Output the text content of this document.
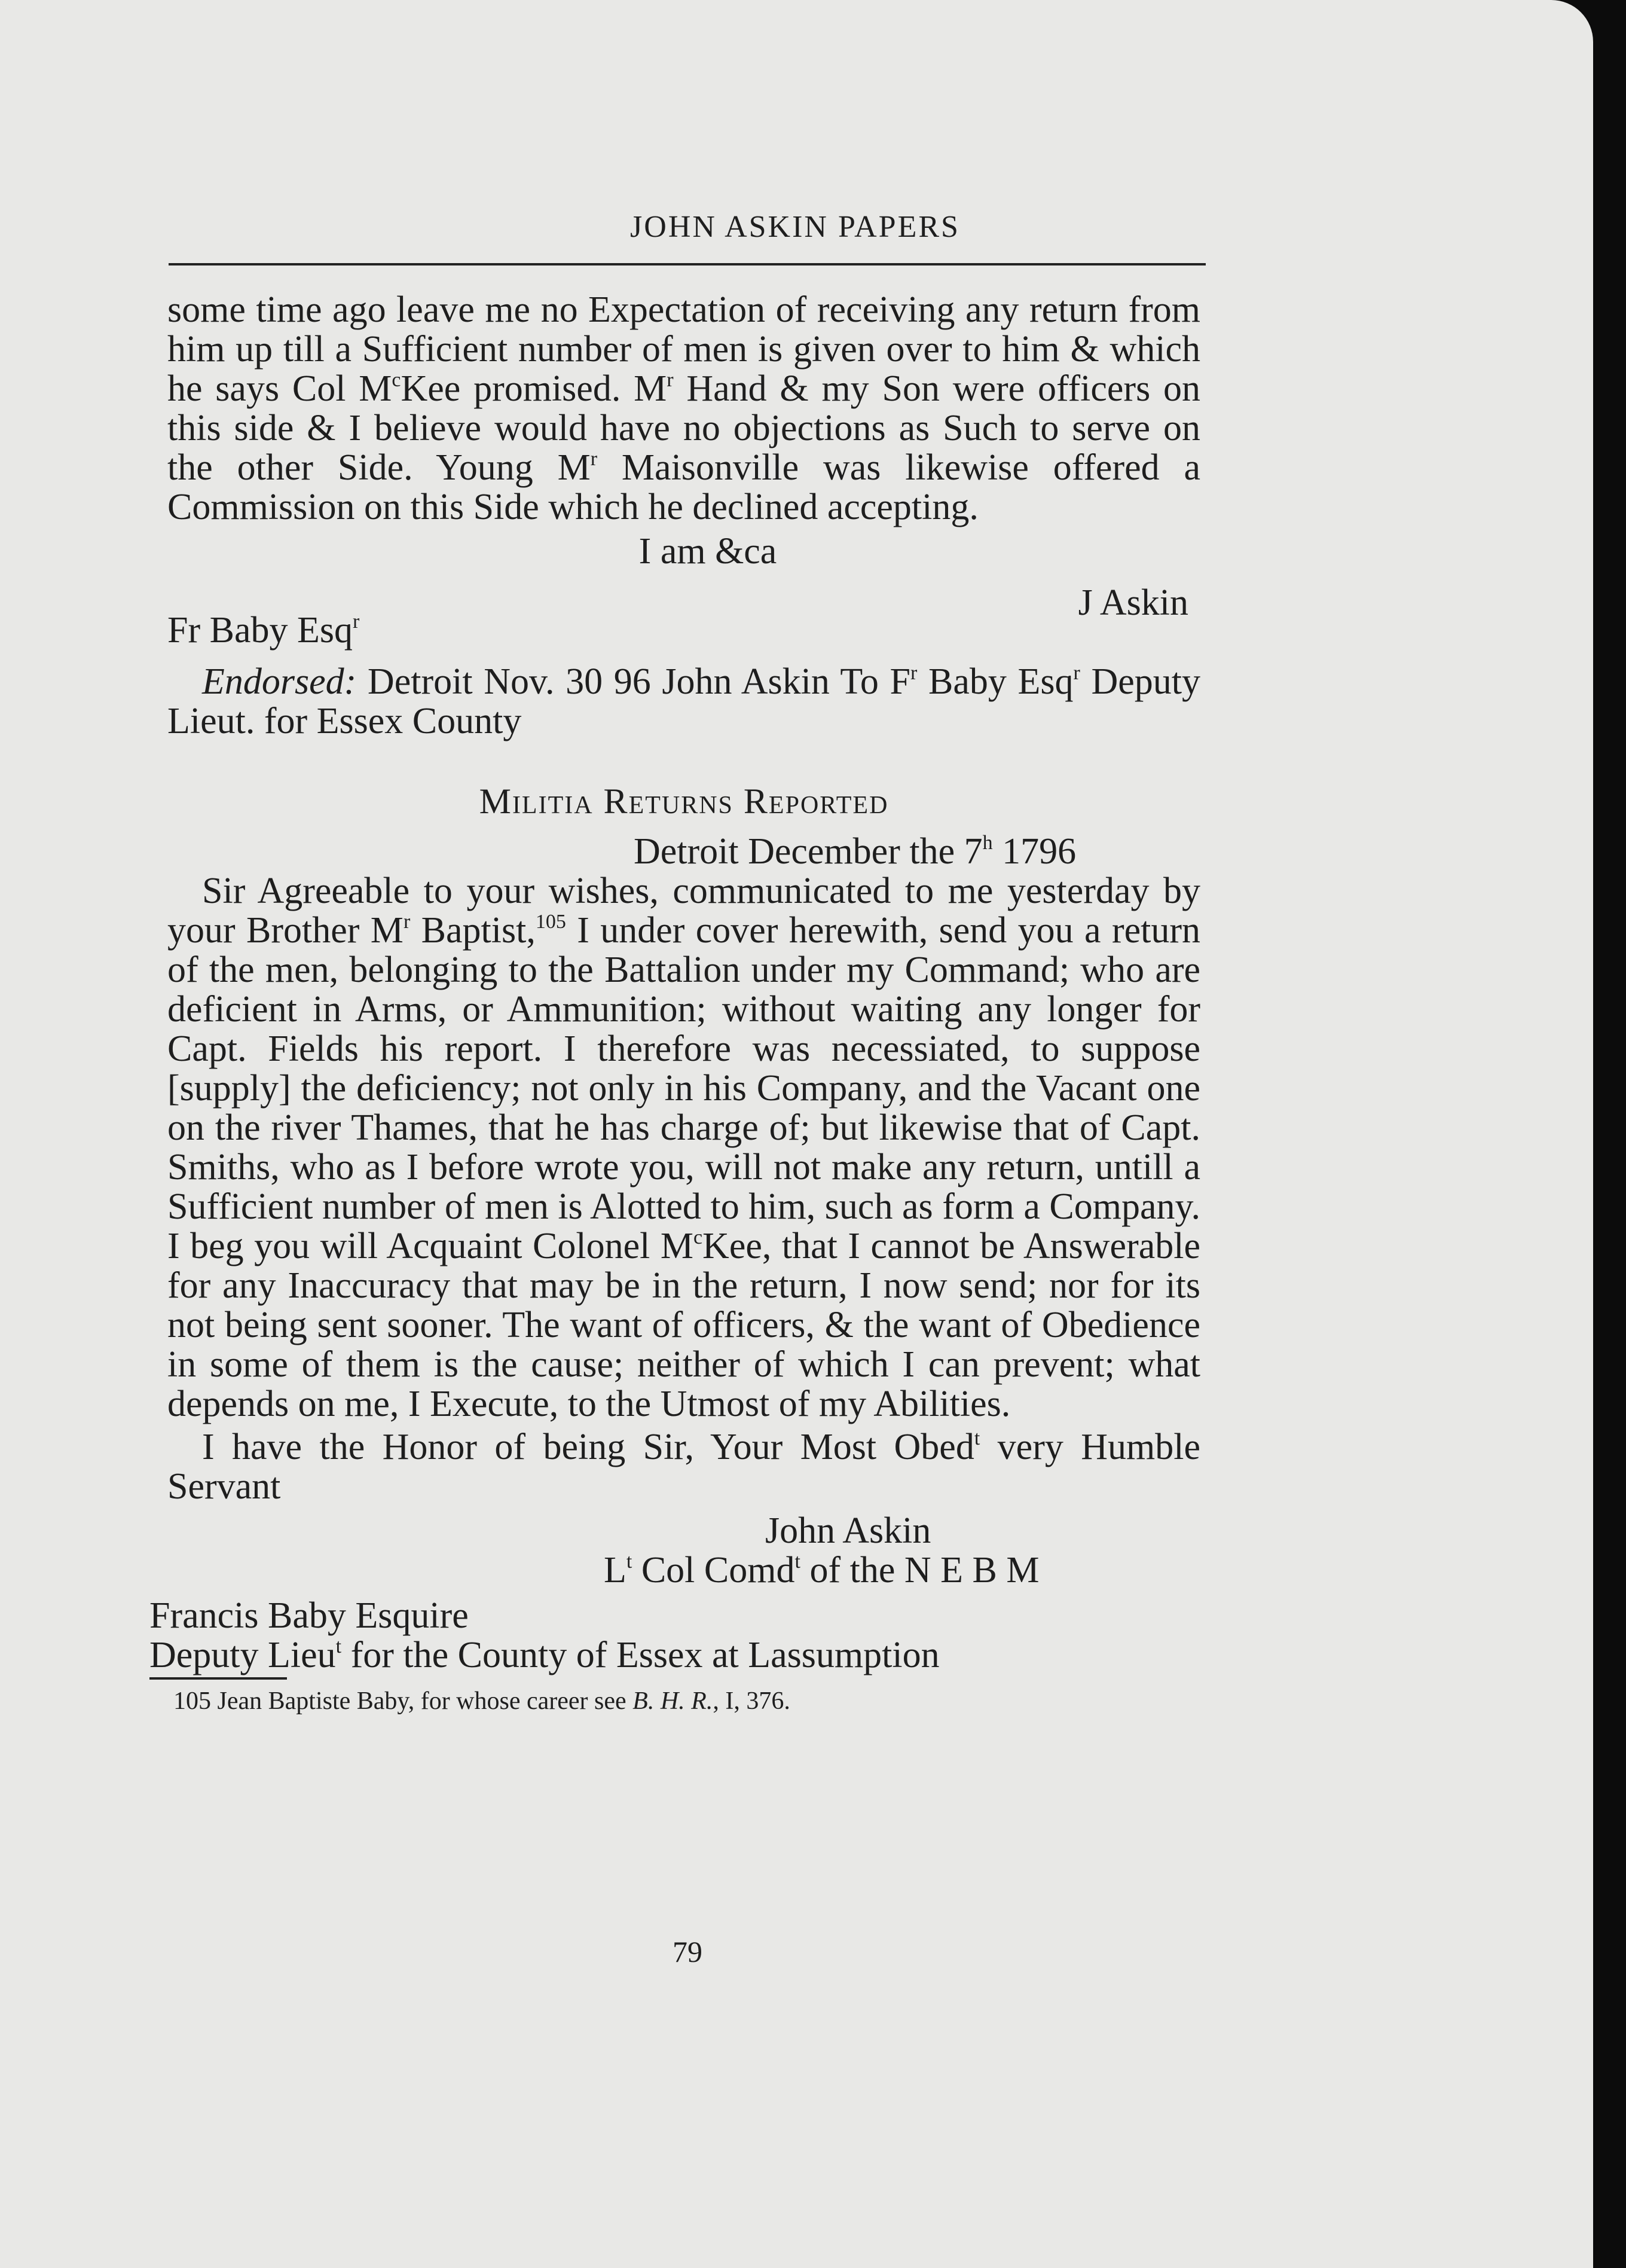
JOHN ASKIN PAPERS

some time ago leave me no Expectation of receiving any return from him up till a Sufficient number of men is given over to him & which he says Col $M^cKee$ promised. $M^r$ Hand & my Son were officers on this side & I believe would have no objections as Such to serve on the other Side. Young $M^r$ Maisonville was likewise offered a Commission on this Side which he declined accepting.

I am &ca

J Askin

Fr Baby Esq$^r$

Endorsed: Detroit Nov. 30 96 John Askin To $F^r$ Baby Esq$^r$ Deputy Lieut. for Essex County

Militia Returns Reported

Detroit December the 7$^h$ 1796

Sir Agreeable to your wishes, communicated to me yesterday by your Brother $M^r$ Baptist,$^{105}$ I under cover herewith, send you a return of the men, belonging to the Battalion under my Command; who are deficient in Arms, or Ammunition; without waiting any longer for Capt. Fields his report. I therefore was necessiated, to suppose [supply] the deficiency; not only in his Company, and the Vacant one on the river Thames, that he has charge of; but likewise that of Capt. Smiths, who as I before wrote you, will not make any return, untill a Sufficient number of men is Alotted to him, such as form a Company. I beg you will Acquaint Colonel $M^cKee$, that I cannot be Answerable for any Inaccuracy that may be in the return, I now send; nor for its not being sent sooner. The want of officers, & the want of Obedience in some of them is the cause; neither of which I can prevent; what depends on me, I Execute, to the Utmost of my Abilities.

I have the Honor of being Sir, Your Most Obed$^t$ very Humble Servant

John Askin

$L^t$ Col Comd$^t$ of the N E B M

Francis Baby Esquire

Deputy Lieu$^t$ for the County of Essex at Lassumption

105 Jean Baptiste Baby, for whose career see B. H. R., I, 376.

79
